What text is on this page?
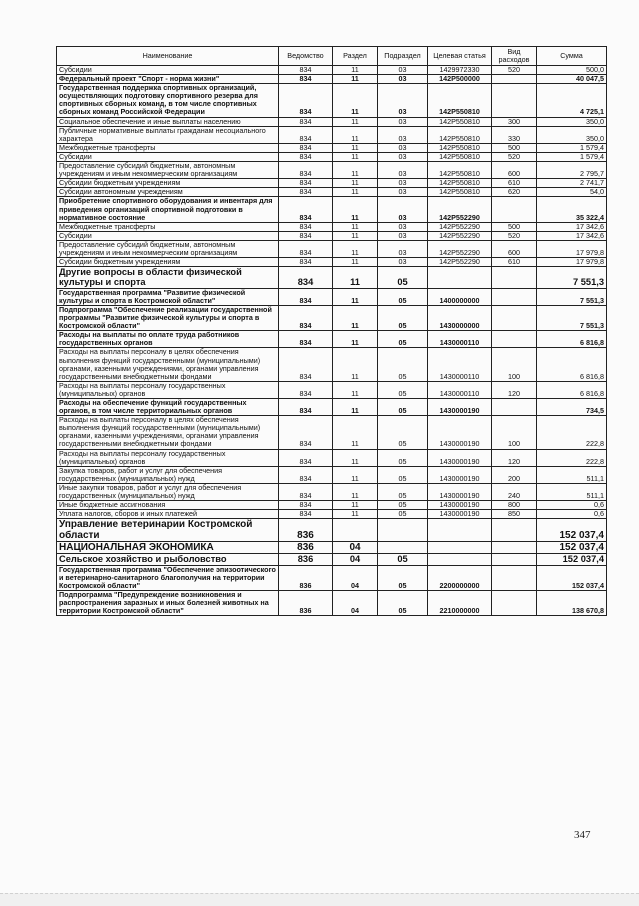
Наименование	Ведомство	Раздел	Подраздел	Целевая статья	Вид расходов	Сумма
Субсидии	834	11	03	1429972330	520	500,0
Федеральный проект "Спорт - норма жизни"	834	11	03	142P500000		40 047,5
Государственная поддержка спортивных организаций, осуществляющих подготовку спортивного резерва для спортивных сборных команд, в том числе спортивных сборных команд Российской Федерации	834	11	03	142P550810		4 725,1
Социальное обеспечение и иные выплаты населению	834	11	03	142P550810	300	350,0
Публичные нормативные выплаты гражданам несоциального характера	834	11	03	142P550810	330	350,0
Межбюджетные трансферты	834	11	03	142P550810	500	1 579,4
Субсидии	834	11	03	142P550810	520	1 579,4
Предоставление субсидий бюджетным, автономным учреждениям и иным некоммерческим организациям	834	11	03	142P550810	600	2 795,7
Субсидии бюджетным учреждениям	834	11	03	142P550810	610	2 741,7
Субсидии автономным учреждениям	834	11	03	142P550810	620	54,0
Приобретение спортивного оборудования и инвентаря для приведения организаций спортивной подготовки в нормативное состояние	834	11	03	142P552290		35 322,4
Межбюджетные трансферты	834	11	03	142P552290	500	17 342,6
Субсидии	834	11	03	142P552290	520	17 342,6
Предоставление субсидий бюджетным, автономным учреждениям и иным некоммерческим организациям	834	11	03	142P552290	600	17 979,8
Субсидии бюджетным учреждениям	834	11	03	142P552290	610	17 979,8
Другие вопросы в области физической культуры и спорта	834	11	05			7 551,3
Государственная программа "Развитие физической культуры и спорта в Костромской области"	834	11	05	1400000000		7 551,3
Подпрограмма "Обеспечение реализации государственной программы "Развитие физической культуры и спорта в Костромской области"	834	11	05	1430000000		7 551,3
Расходы на выплаты по оплате труда работников государственных органов	834	11	05	1430000110		6 816,8
Расходы на выплаты персоналу в целях обеспечения выполнения функций государственными (муниципальными) органами, казенными учреждениями, органами управления государственными внебюджетными фондами	834	11	05	1430000110	100	6 816,8
Расходы на выплаты персоналу государственных (муниципальных) органов	834	11	05	1430000110	120	6 816,8
Расходы на обеспечение функций государственных органов, в том числе территориальных органов	834	11	05	1430000190		734,5
Расходы на выплаты персоналу в целях обеспечения выполнения функций государственными (муниципальными) органами, казенными учреждениями, органами управления государственными внебюджетными фондами	834	11	05	1430000190	100	222,8
Расходы на выплаты персоналу государственных (муниципальных) органов	834	11	05	1430000190	120	222,8
Закупка товаров, работ и услуг для обеспечения государственных (муниципальных) нужд	834	11	05	1430000190	200	511,1
Иные закупки товаров, работ и услуг для обеспечения государственных (муниципальных) нужд	834	11	05	1430000190	240	511,1
Иные бюджетные ассигнования	834	11	05	1430000190	800	0,6
Уплата налогов, сборов и иных платежей	834	11	05	1430000190	850	0,6
Управление ветеринарии Костромской области	836					152 037,4
НАЦИОНАЛЬНАЯ ЭКОНОМИКА	836	04				152 037,4
Сельское хозяйство и рыболовство	836	04	05			152 037,4
Государственная программа "Обеспечение эпизоотического и ветеринарно-санитарного благополучия на территории Костромской области"	836	04	05	2200000000		152 037,4
Подпрограмма "Предупреждение возникновения и распространения заразных и иных болезней животных на территории Костромской области"	836	04	05	2210000000		138 670,8
347
